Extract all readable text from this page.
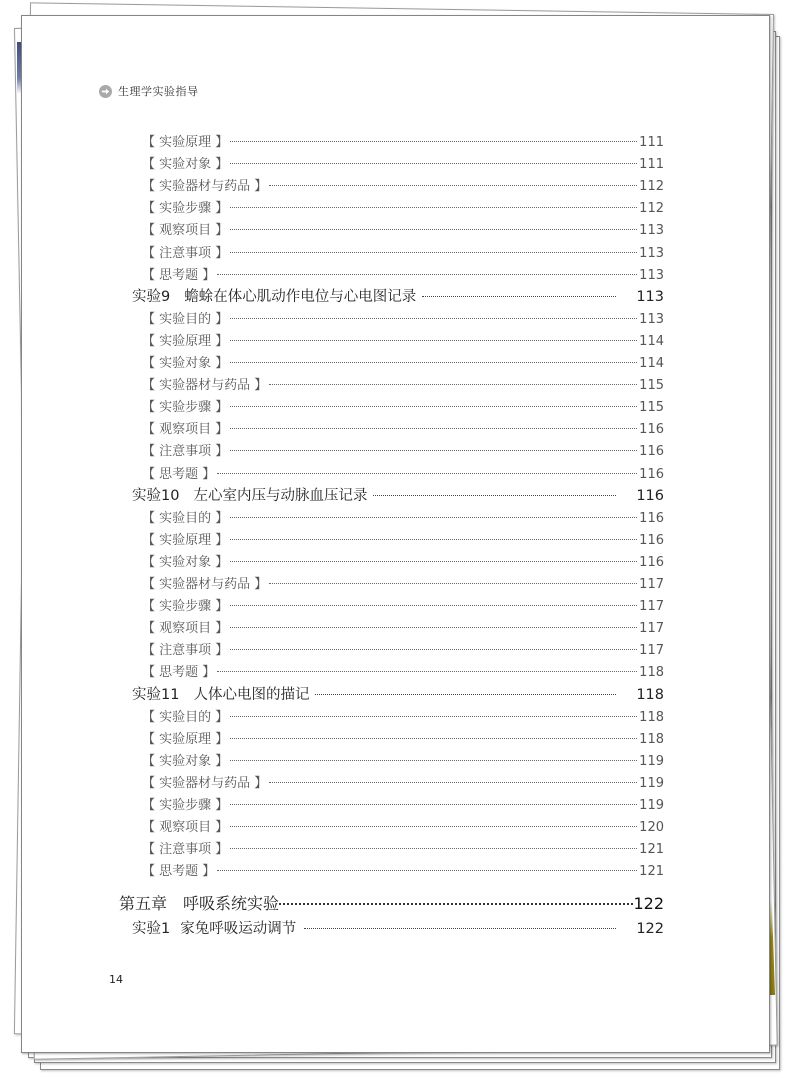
生理学实验指导
【 实验原理 】	111
【 实验对象 】	111
【 实验器材与药品 】	112
【 实验步骤 】	112
【 观察项目 】	113
【 注意事项 】	113
【 思考题 】	113
实验9 蟾蜍在体心肌动作电位与心电图记录	113
【 实验目的 】	113
【 实验原理 】	114
【 实验对象 】	114
【 实验器材与药品 】	115
【 实验步骤 】	115
【 观察项目 】	116
【 注意事项 】	116
【 思考题 】	116
实验10 左心室内压与动脉血压记录	116
【 实验目的 】	116
【 实验原理 】	116
【 实验对象 】	116
【 实验器材与药品 】	117
【 实验步骤 】	117
【 观察项目 】	117
【 注意事项 】	117
【 思考题 】	118
实验11 人体心电图的描记	118
【 实验目的 】	118
【 实验原理 】	118
【 实验对象 】	119
【 实验器材与药品 】	119
【 实验步骤 】	119
【 观察项目 】	120
【 注意事项 】	121
【 思考题 】	121
第五章 呼吸系统实验	122
实验1 家兔呼吸运动调节	122
14
